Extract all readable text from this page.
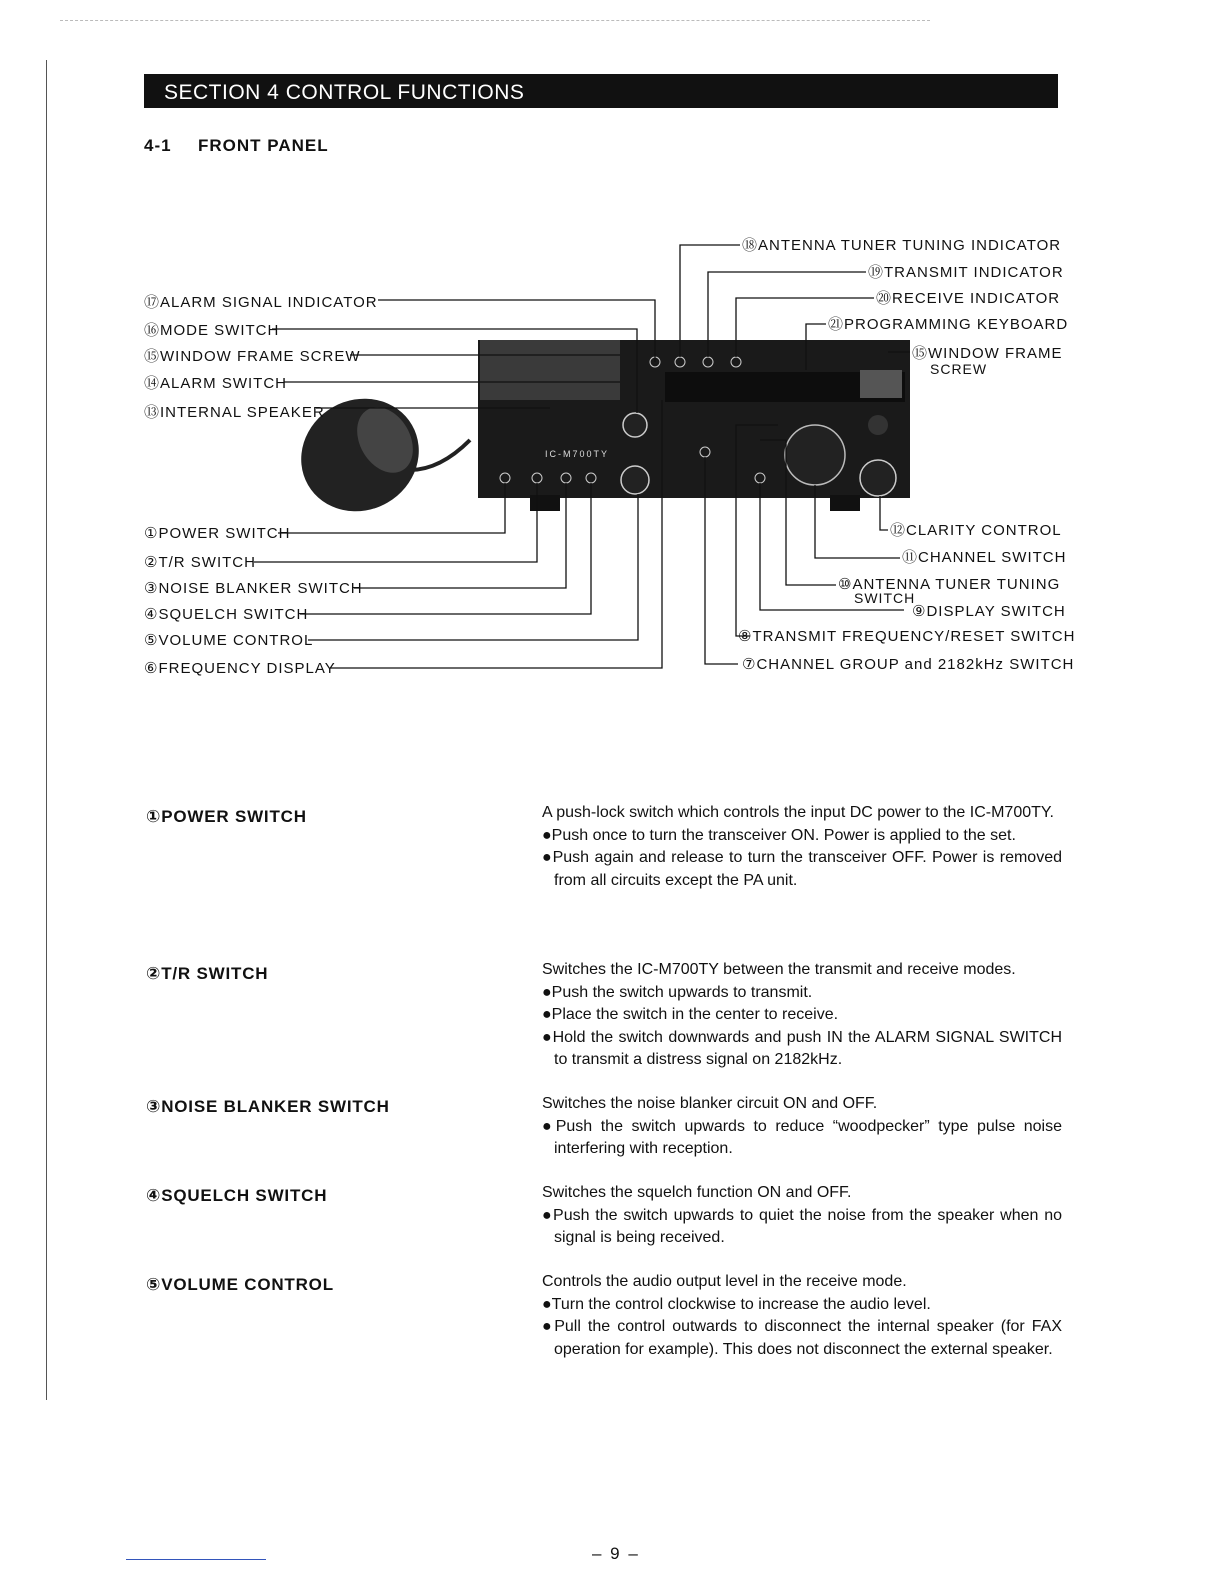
SECTION 4 CONTROL FUNCTIONS
4-1 FRONT PANEL
⑰ALARM SIGNAL INDICATOR
⑯MODE SWITCH
⑮WINDOW FRAME SCREW
⑭ALARM SWITCH
⑬INTERNAL SPEAKER
①POWER SWITCH
②T/R SWITCH
③NOISE BLANKER SWITCH
④SQUELCH SWITCH
⑤VOLUME CONTROL
⑥FREQUENCY DISPLAY
⑱ANTENNA TUNER TUNING INDICATOR
⑲TRANSMIT INDICATOR
⑳RECEIVE INDICATOR
㉑PROGRAMMING KEYBOARD
⑮WINDOW FRAME
SCREW
⑫CLARITY CONTROL
⑪CHANNEL SWITCH
⑩ANTENNA TUNER TUNING
SWITCH
⑨DISPLAY SWITCH
⑧TRANSMIT FREQUENCY/RESET SWITCH
⑦CHANNEL GROUP and 2182kHz SWITCH
IC-M700TY
①POWER SWITCH	A push-lock switch which controls the input DC power to the IC-M700TY.

●Push once to turn the transceiver ON. Power is applied to the set.

●Push again and release to turn the transceiver OFF. Power is removed from all circuits except the PA unit.

②T/R SWITCH	Switches the IC-M700TY between the transmit and receive modes.

●Push the switch upwards to transmit.

●Place the switch in the center to receive.

●Hold the switch downwards and push IN the ALARM SIGNAL SWITCH to transmit a distress signal on 2182kHz.

③NOISE BLANKER SWITCH	Switches the noise blanker circuit ON and OFF.

●Push the switch upwards to reduce “woodpecker” type pulse noise interfering with reception.

④SQUELCH SWITCH	Switches the squelch function ON and OFF.

●Push the switch upwards to quiet the noise from the speaker when no signal is being received.

⑤VOLUME CONTROL	Controls the audio output level in the receive mode.

●Turn the control clockwise to increase the audio level.

●Pull the control outwards to disconnect the internal speaker (for FAX operation for example). This does not disconnect the external speaker.

– 9 –
